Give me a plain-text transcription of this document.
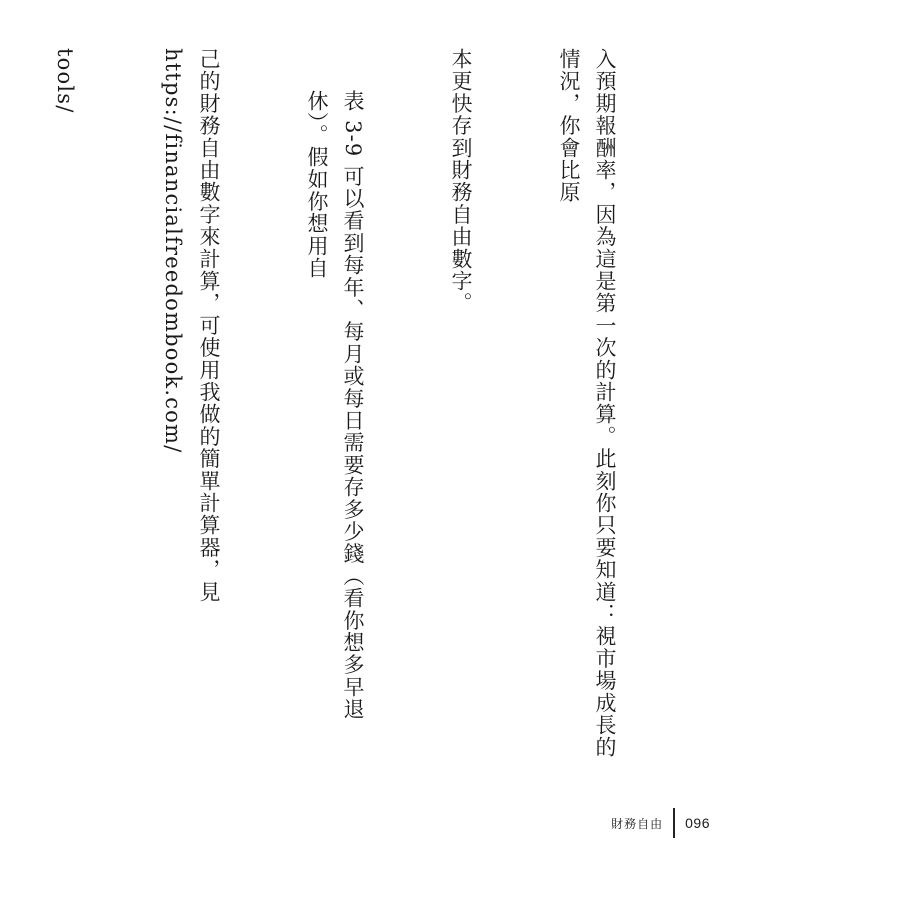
入預期報酬率，因為這是第一次的計算。此刻你只要知道：視市場成長的情況，你會比原

本更快存到財務自由數字。

表 3-9 可以看到每年、每月或每日需要存多少錢（看你想多早退休）。假如你想用自

己的財務自由數字來計算，可使用我做的簡單計算器，見 https://financialfreedombook.com/

tools/

財務自由 096
